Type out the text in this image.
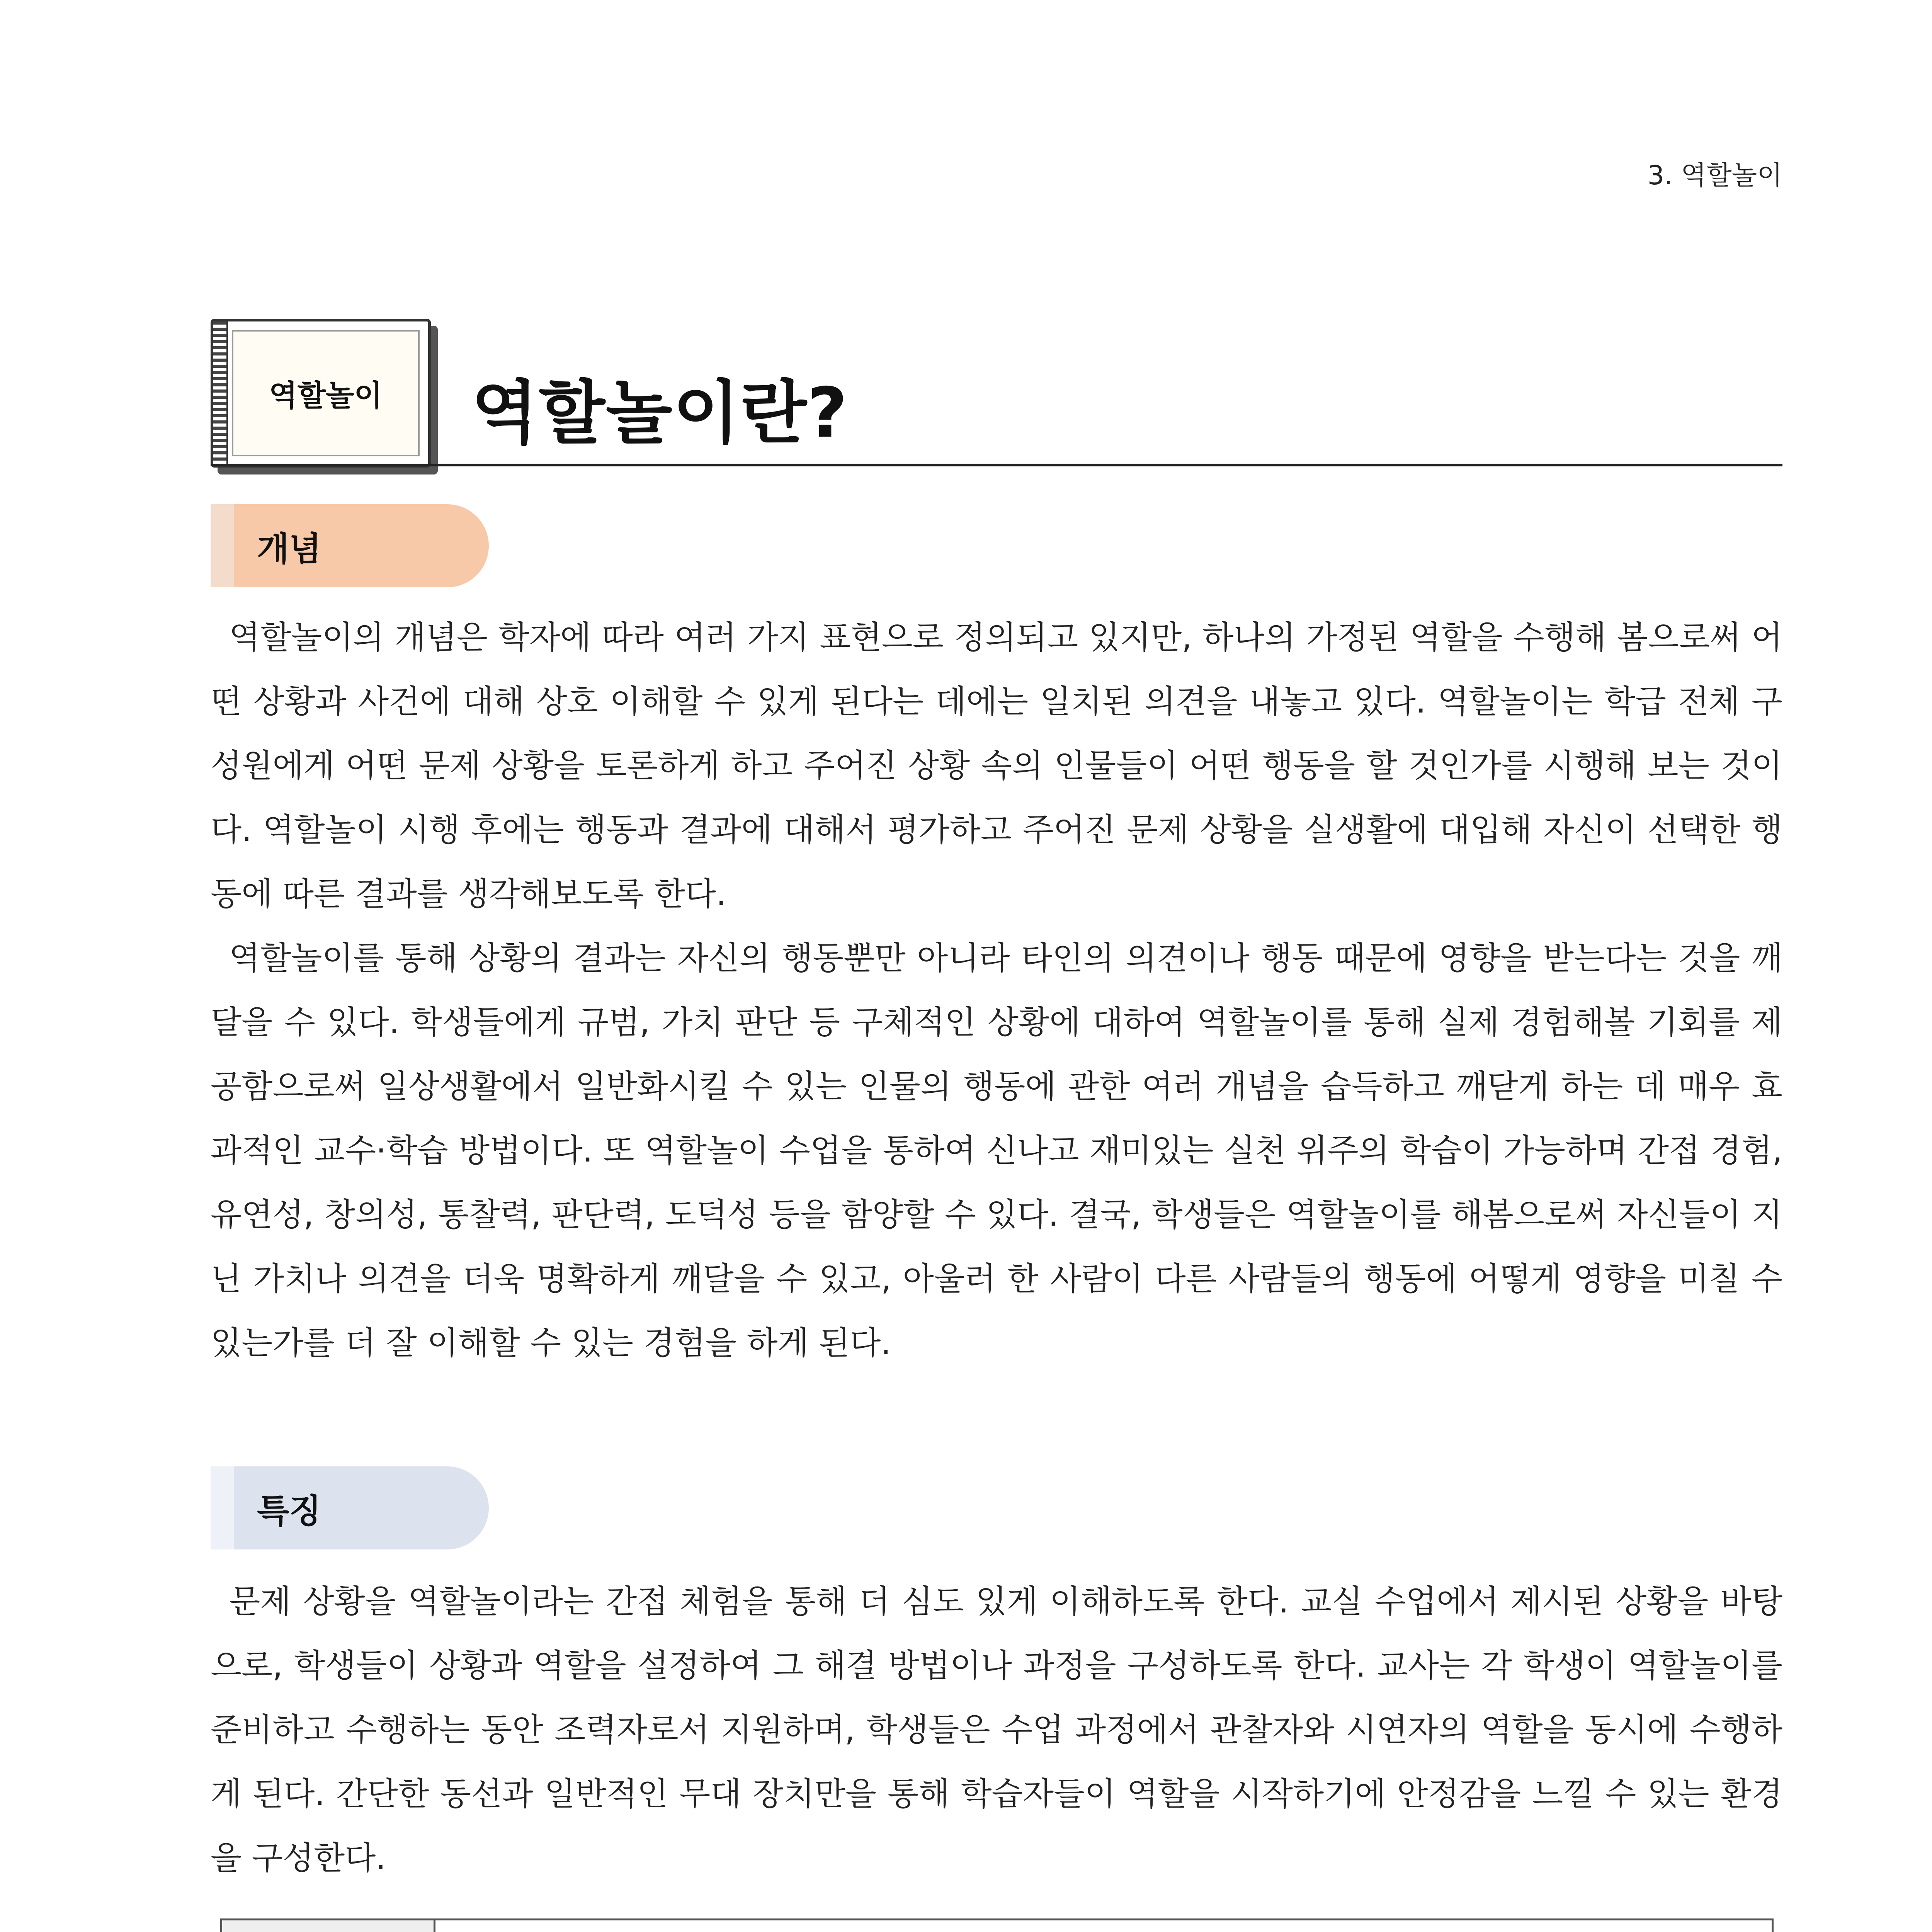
3. 역할놀이
역할놀이 역할놀이란?
개념

역할놀이의 개념은 학자에 따라 여러 가지 표현으로 정의되고 있지만, 하나의 가정된 역할을 수행해 봄으로써 어떤 상황과 사건에 대해 상호 이해할 수 있게 된다는 데에는 일치된 의견을 내놓고 있다. 역할놀이는 학급 전체 구성원에게 어떤 문제 상황을 토론하게 하고 주어진 상황 속의 인물들이 어떤 행동을 할 것인가를 시행해 보는 것이다. 역할놀이 시행 후에는 행동과 결과에 대해서 평가하고 주어진 문제 상황을 실생활에 대입해 자신이 선택한 행동에 따른 결과를 생각해보도록 한다.

역할놀이를 통해 상황의 결과는 자신의 행동뿐만 아니라 타인의 의견이나 행동 때문에 영향을 받는다는 것을 깨달을 수 있다. 학생들에게 규범, 가치 판단 등 구체적인 상황에 대하여 역할놀이를 통해 실제 경험해볼 기회를 제공함으로써 일상생활에서 일반화시킬 수 있는 인물의 행동에 관한 여러 개념을 습득하고 깨닫게 하는 데 매우 효과적인 교수·학습 방법이다. 또 역할놀이 수업을 통하여 신나고 재미있는 실천 위주의 학습이 가능하며 간접 경험, 유연성, 창의성, 통찰력, 판단력, 도덕성 등을 함양할 수 있다. 결국, 학생들은 역할놀이를 해봄으로써 자신들이 지닌 가치나 의견을 더욱 명확하게 깨달을 수 있고, 아울러 한 사람이 다른 사람들의 행동에 어떻게 영향을 미칠 수 있는가를 더 잘 이해할 수 있는 경험을 하게 된다.

특징

문제 상황을 역할놀이라는 간접 체험을 통해 더 심도 있게 이해하도록 한다. 교실 수업에서 제시된 상황을 바탕으로, 학생들이 상황과 역할을 설정하여 그 해결 방법이나 과정을 구성하도록 한다. 교사는 각 학생이 역할놀이를 준비하고 수행하는 동안 조력자로서 지원하며, 학생들은 수업 과정에서 관찰자와 시연자의 역할을 동시에 수행하게 된다. 간단한 동선과 일반적인 무대 장치만을 통해 학습자들이 역할을 시작하기에 안정감을 느낄 수 있는 환경을 구성한다.
